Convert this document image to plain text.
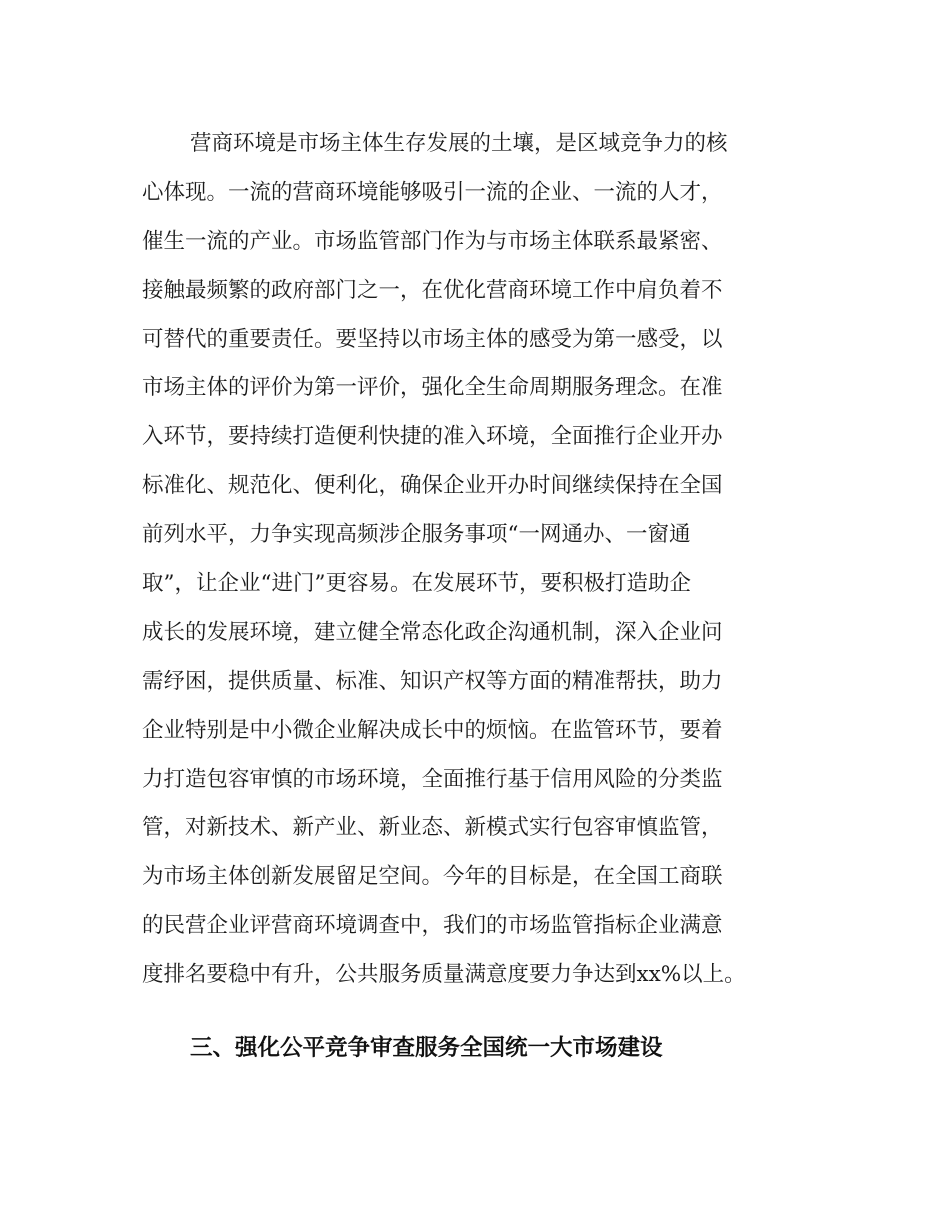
营商环境是市场主体生存发展的土壤，是区域竞争力的核
心体现。一流的营商环境能够吸引一流的企业、一流的人才，
催生一流的产业。市场监管部门作为与市场主体联系最紧密、
接触最频繁的政府部门之一，在优化营商环境工作中肩负着不
可替代的重要责任。要坚持以市场主体的感受为第一感受，以
市场主体的评价为第一评价，强化全生命周期服务理念。在准
入环节，要持续打造便利快捷的准入环境，全面推行企业开办
标准化、规范化、便利化，确保企业开办时间继续保持在全国
前列水平，力争实现高频涉企服务事项“一网通办、一窗通
取”，让企业“进门”更容易。在发展环节，要积极打造助企
成长的发展环境，建立健全常态化政企沟通机制，深入企业问
需纾困，提供质量、标准、知识产权等方面的精准帮扶，助力
企业特别是中小微企业解决成长中的烦恼。在监管环节，要着
力打造包容审慎的市场环境，全面推行基于信用风险的分类监
管，对新技术、新产业、新业态、新模式实行包容审慎监管，
为市场主体创新发展留足空间。今年的目标是，在全国工商联
的民营企业评营商环境调查中，我们的市场监管指标企业满意
度排名要稳中有升，公共服务质量满意度要力争达到xx%以上。
三、强化公平竞争审查服务全国统一大市场建设
